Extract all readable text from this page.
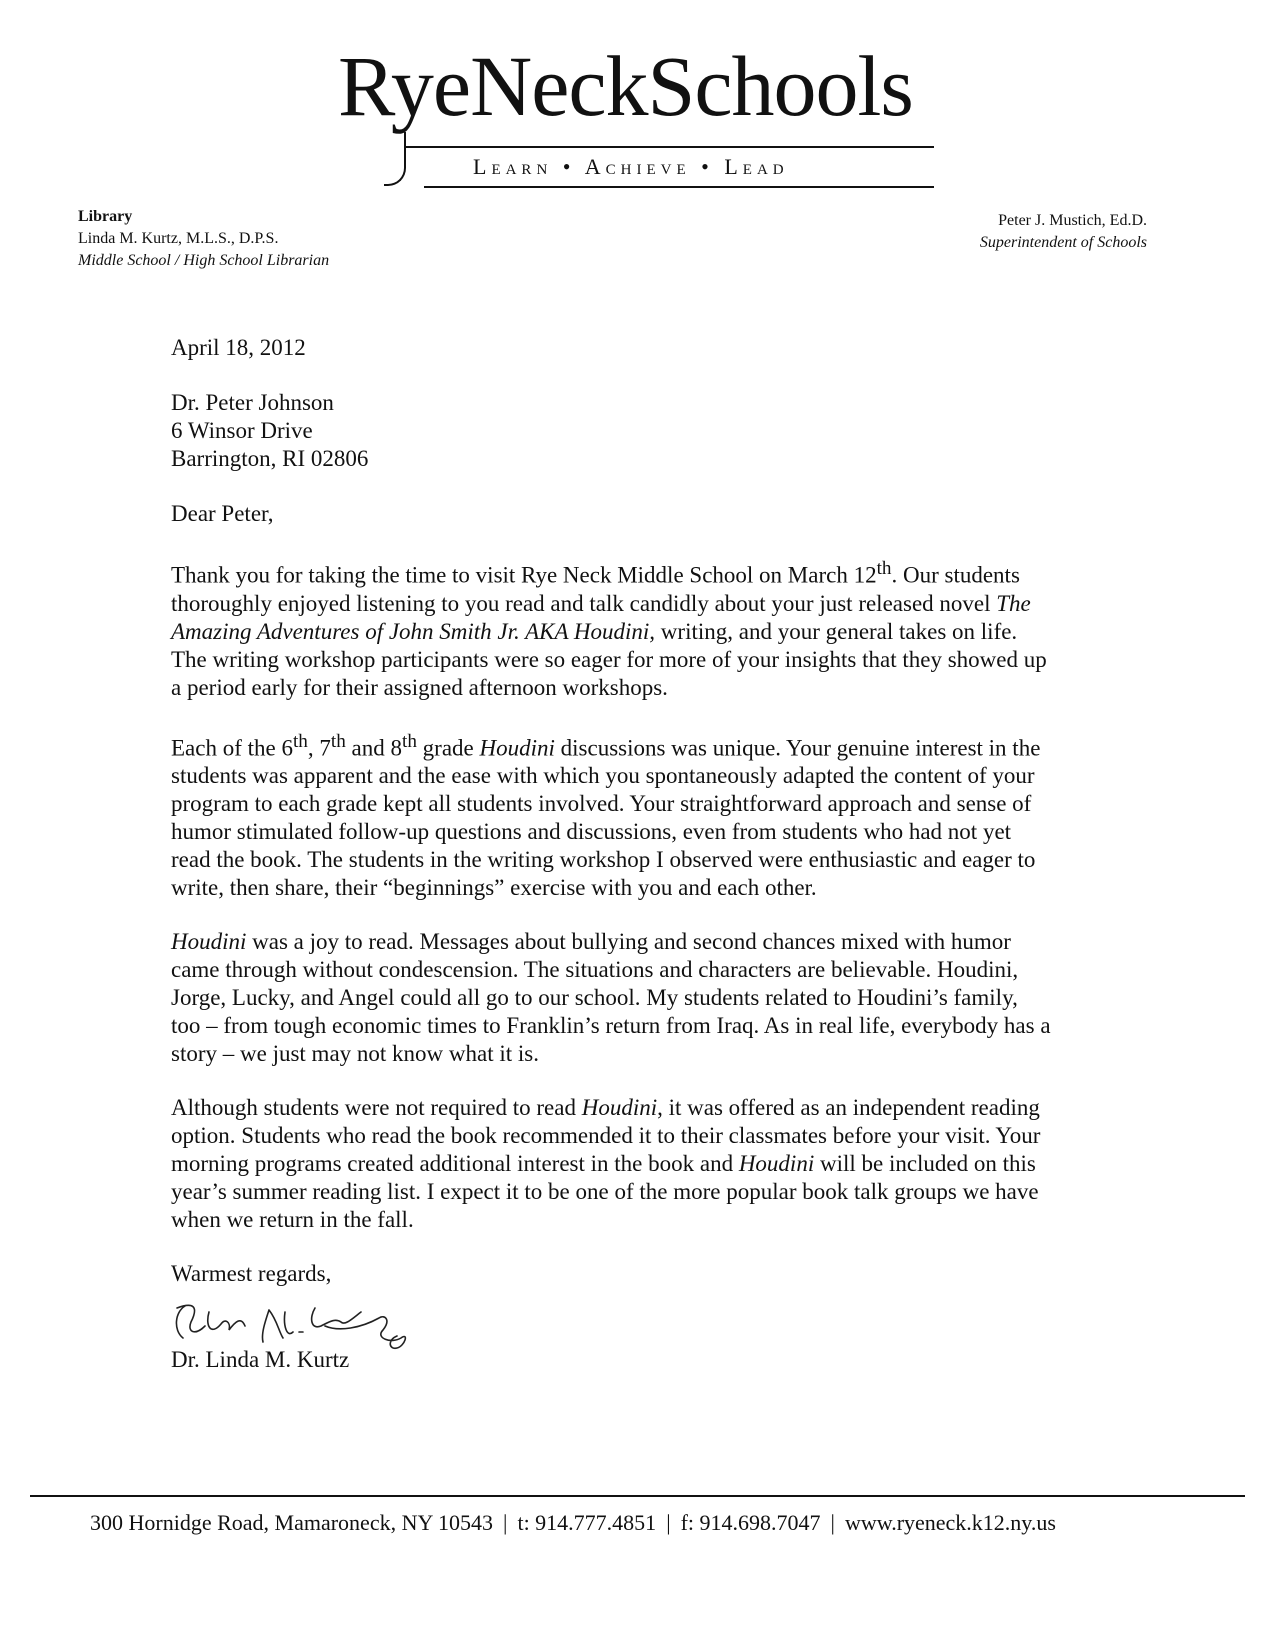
RyeNeckSchools
Learn • Achieve • Lead
Library
Linda M. Kurtz, M.L.S., D.P.S.
Middle School / High School Librarian
Peter J. Mustich, Ed.D.
Superintendent of Schools

April 18, 2012

Dr. Peter Johnson

6 Winsor Drive

Barrington, RI 02806

Dear Peter,

Thank you for taking the time to visit Rye Neck Middle School on March 12th. Our students thoroughly enjoyed listening to you read and talk candidly about your just released novel The Amazing Adventures of John Smith Jr. AKA Houdini, writing, and your general takes on life. The writing workshop participants were so eager for more of your insights that they showed up a period early for their assigned afternoon workshops.

Each of the 6th, 7th and 8th grade Houdini discussions was unique. Your genuine interest in the students was apparent and the ease with which you spontaneously adapted the content of your program to each grade kept all students involved. Your straightforward approach and sense of humor stimulated follow-up questions and discussions, even from students who had not yet read the book. The students in the writing workshop I observed were enthusiastic and eager to write, then share, their “beginnings” exercise with you and each other.

Houdini was a joy to read. Messages about bullying and second chances mixed with humor came through without condescension. The situations and characters are believable. Houdini, Jorge, Lucky, and Angel could all go to our school. My students related to Houdini’s family, too – from tough economic times to Franklin’s return from Iraq. As in real life, everybody has a story – we just may not know what it is.

Although students were not required to read Houdini, it was offered as an independent reading option. Students who read the book recommended it to their classmates before your visit. Your morning programs created additional interest in the book and Houdini will be included on this year’s summer reading list. I expect it to be one of the more popular book talk groups we have when we return in the fall.

Warmest regards,

Dr. Linda M. Kurtz

300 Hornidge Road, Mamaroneck, NY 10543 | t: 914.777.4851 | f: 914.698.7047 | www.ryeneck.k12.ny.us
